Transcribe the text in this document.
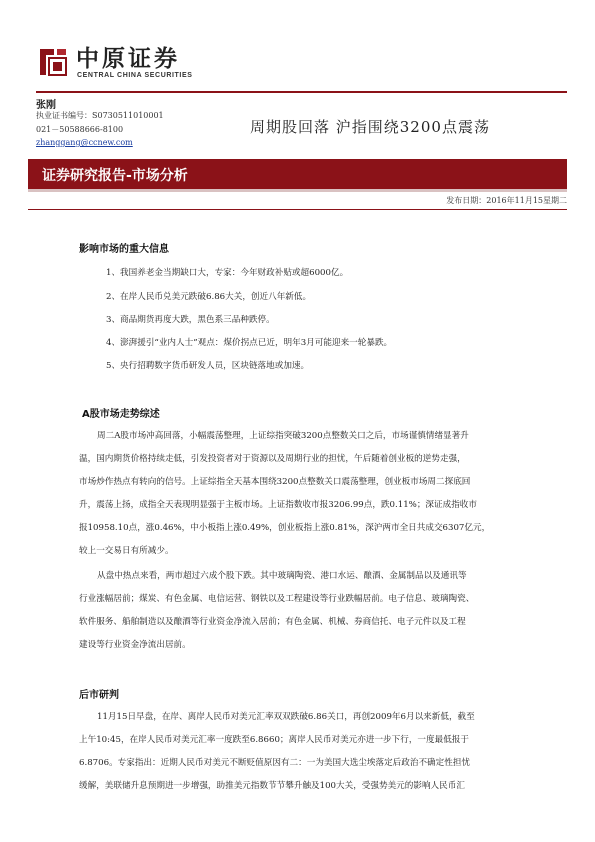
中原证券
CENTRAL CHINA SECURITIES
张刚
执业证书编号：S0730511010001
021－50588666-8100
zhanggang@ccnew.com
周期股回落 沪指围绕3200点震荡
证券研究报告-市场分析
发布日期：2016年11月15星期二
影响市场的重大信息
1、我国养老金当期缺口大，专家：今年财政补贴或超6000亿。
2、在岸人民币兑美元跌破6.86大关，创近八年新低。
3、商品期货再度大跌，黑色系三品种跌停。
4、澎湃援引“业内人士”观点：煤价拐点已近，明年3月可能迎来一轮暴跌。
5、央行招聘数字货币研发人员，区块链落地或加速。
A股市场走势综述
周二A股市场冲高回落，小幅震荡整理，上证综指突破3200点整数关口之后，市场谨慎情绪显著升
温，国内期货价格持续走低，引发投资者对于资源以及周期行业的担忧，午后随着创业板的逆势走强，
市场炒作热点有转向的信号。上证综指全天基本围绕3200点整数关口震荡整理，创业板市场周二探底回
升，震荡上扬，成指全天表现明显强于主板市场。上证指数收市报3206.99点，跌0.11%；深证成指收市
报10958.10点，涨0.46%，中小板指上涨0.49%，创业板指上涨0.81%，深沪两市全日共成交6307亿元，
较上一交易日有所减少。
从盘中热点来看，两市超过六成个股下跌。其中玻璃陶瓷、港口水运、酿酒、金属制品以及通讯等
行业涨幅居前；煤炭、有色金属、电信运营、钢铁以及工程建设等行业跌幅居前。电子信息、玻璃陶瓷、
软件服务、船舶制造以及酿酒等行业资金净流入居前；有色金属、机械、券商信托、电子元件以及工程
建设等行业资金净流出居前。
后市研判
11月15日早盘，在岸、离岸人民币对美元汇率双双跌破6.86关口，再创2009年6月以来新低，截至
上午10:45，在岸人民币对美元汇率一度跌至6.8660；离岸人民币对美元亦进一步下行，一度最低报于
6.8706。专家指出：近期人民币对美元不断贬值原因有二：一为美国大选尘埃落定后政治不确定性担忧
缓解，美联储升息预期进一步增强，助推美元指数节节攀升触及100大关，受强势美元的影响人民币汇
